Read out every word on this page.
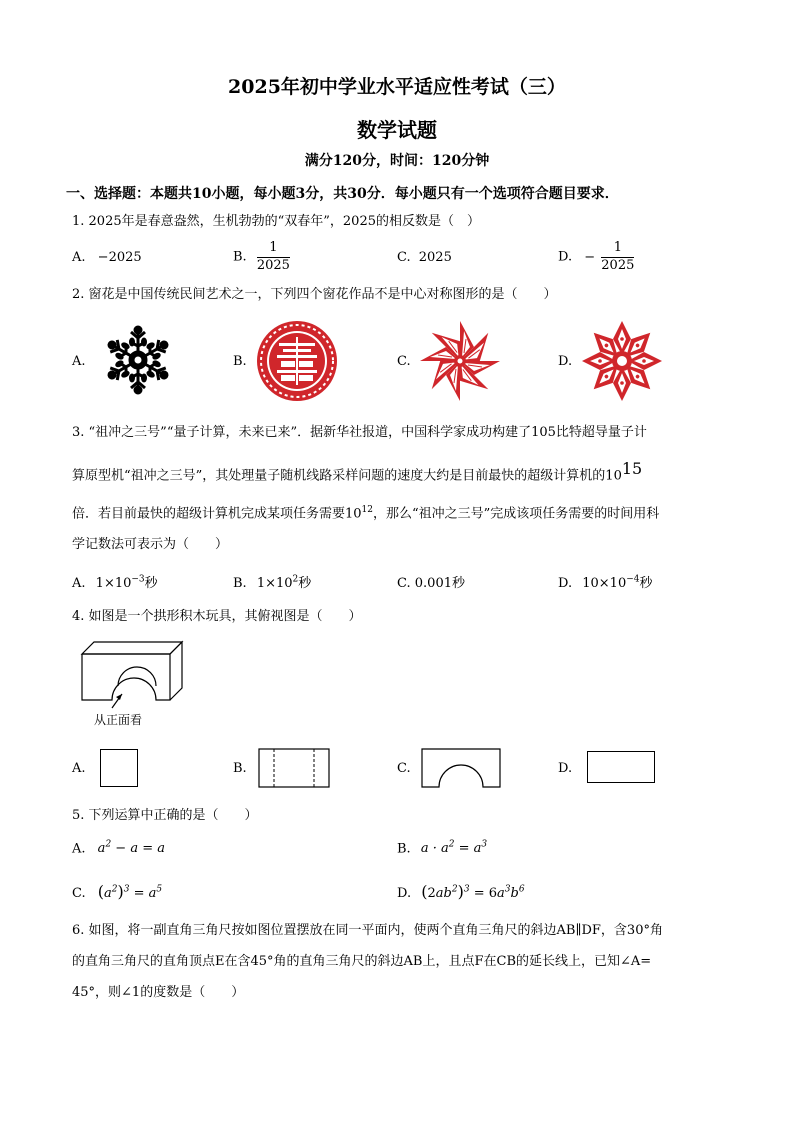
2025年初中学业水平适应性考试（三）
数学试题
满分120分，时间：120分钟
一、选择题：本题共10小题，每小题3分，共30分．每小题只有一个选项符合题目要求．
1. 2025年是春意盎然，生机勃勃的“双春年”，2025的相反数是（　）
A. −2025	B. $\frac{1}{2025}$	C. 2025	D. − $\frac{1}{2025}$
2. 窗花是中国传统民间艺术之一，下列四个窗花作品不是中心对称图形的是（　　）
A.	B.	C.	D.
3. “祖冲之三号”“量子计算，未来已来”．据新华社报道，中国科学家成功构建了105比特超导量子计
算原型机“祖冲之三号”，其处理量子随机线路采样问题的速度大约是目前最快的超级计算机的$10^{15}$
倍．若目前最快的超级计算机完成某项任务需要$10^{12}$，那么“祖冲之三号”完成该项任务需要的时间用科
学记数法可表示为（　　）
A. $1\times 10^{-3}$秒	B. $1\times 10^2$秒	C. 0.001秒	D. $10\times 10^{-4}$秒
4. 如图是一个拱形积木玩具，其俯视图是（　　）
从正面看
A.	B.	C.	D.
5. 下列运算中正确的是（　　）
A. $a^2 - a = a$	B. $a \cdot a^2 = a^3$
C. $(a^2)^3 = a^5$	D. $(2ab^2)^3 = 6a^3b^6$
6. 如图，将一副直角三角尺按如图位置摆放在同一平面内，使两个直角三角尺的斜边AB∥DF，含30°角
的直角三角尺的直角顶点E在含45°角的直角三角尺的斜边AB上，且点F在CB的延长线上，已知∠A=
45°，则∠1的度数是（　　）
